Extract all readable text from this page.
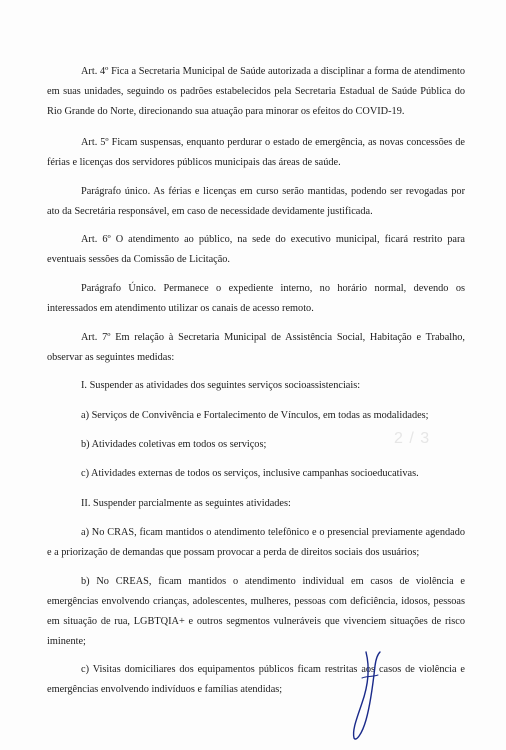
Art. 4º Fica a Secretaria Municipal de Saúde autorizada a disciplinar a forma de atendimento em suas unidades, seguindo os padrões estabelecidos pela Secretaria Estadual de Saúde Pública do Rio Grande do Norte, direcionando sua atuação para minorar os efeitos do COVID-19.

Art. 5º Ficam suspensas, enquanto perdurar o estado de emergência, as novas concessões de férias e licenças dos servidores públicos municipais das áreas de saúde.

Parágrafo único. As férias e licenças em curso serão mantidas, podendo ser revogadas por ato da Secretária responsável, em caso de necessidade devidamente justificada.

Art. 6º O atendimento ao público, na sede do executivo municipal, ficará restrito para eventuais sessões da Comissão de Licitação.

Parágrafo Único. Permanece o expediente interno, no horário normal, devendo os interessados em atendimento utilizar os canais de acesso remoto.

Art. 7º Em relação à Secretaria Municipal de Assistência Social, Habitação e Trabalho, observar as seguintes medidas:

I. Suspender as atividades dos seguintes serviços socioassistenciais:

a) Serviços de Convivência e Fortalecimento de Vínculos, em todas as modalidades;

b) Atividades coletivas em todos os serviços;

c) Atividades externas de todos os serviços, inclusive campanhas socioeducativas.

II. Suspender parcialmente as seguintes atividades:

a) No CRAS, ficam mantidos o atendimento telefônico e o presencial previamente agendado e a priorização de demandas que possam provocar a perda de direitos sociais dos usuários;

b) No CREAS, ficam mantidos o atendimento individual em casos de violência e emergências envolvendo crianças, adolescentes, mulheres, pessoas com deficiência, idosos, pessoas em situação de rua, LGBTQIA+ e outros segmentos vulneráveis que vivenciem situações de risco iminente;

c) Visitas domiciliares dos equipamentos públicos ficam restritas aos casos de violência e emergências envolvendo indivíduos e famílias atendidas;

2 / 3
